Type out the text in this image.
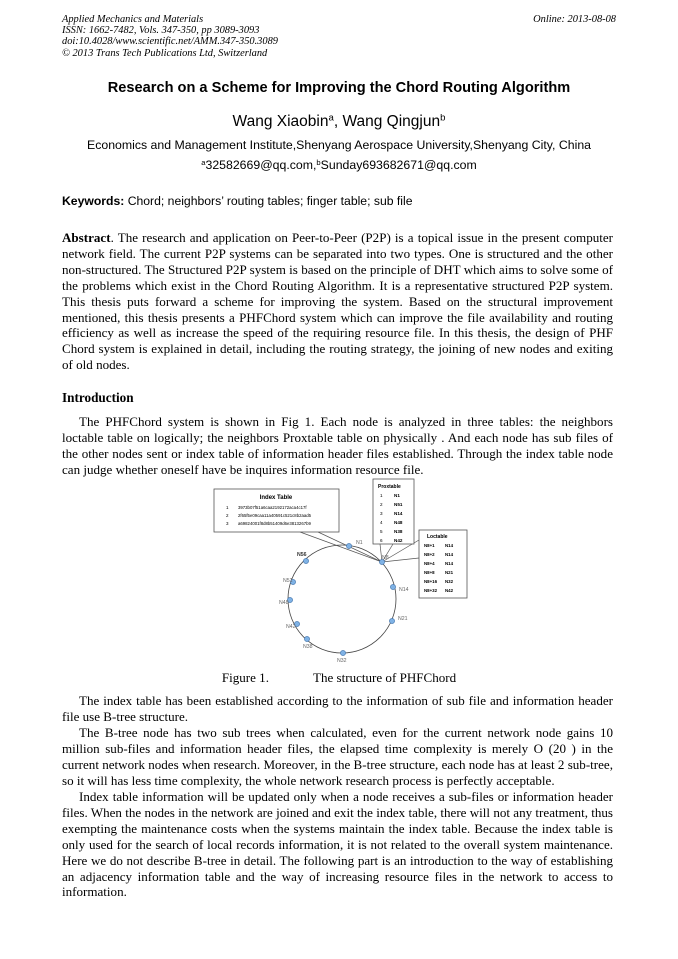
Applied Mechanics and Materials
ISSN: 1662-7482, Vols. 347-350, pp 3089-3093
doi:10.4028/www.scientific.net/AMM.347-350.3089
© 2013 Trans Tech Publications Ltd, Switzerland
Online: 2013-08-08
Research on a Scheme for Improving the Chord Routing Algorithm
Wang Xiaobin$^a$, Wang Qingjun$^b$
Economics and Management Institute,Shenyang Aerospace University,Shenyang City, China
$^a$32582669@qq.com,$^b$Sunday693682671@qq.com
Keywords: Chord; neighbors’ routing tables; finger table; sub file
Abstract. The research and application on Peer-to-Peer (P2P) is a topical issue in the present computer network field. The current P2P systems can be separated into two types. One is structured and the other non-structured. The Structured P2P system is based on the principle of DHT which aims to solve some of the problems which exist in the Chord Routing Algorithm. It is a representative structured P2P system. This thesis puts forward a scheme for improving the system. Based on the structural improvement mentioned, this thesis presents a PHFChord system which can improve the file availability and routing efficiency as well as increase the speed of the requiring resource file. In this thesis, the design of PHF Chord system is explained in detail, including the routing strategy, the joining of new nodes and exiting of old nodes.
Introduction
The PHFChord system is shown in Fig 1. Each node is analyzed in three tables: the neighbors loctable table on logically; the neighbors Proxtable table on physically . And each node has sub files of the other nodes sent or index table of information header files established. Through the index table node can judge whether oneself have be inquires information resource file.
Index Table
1 3973b07f51a6caa2192172aca4c17f
2 2f65f5e09caa11a40591c521c8b2aad5
3 a69824001f8d8b51409d6e3813267b9
Proxtable
1 N1
2 N51
3 N14
4 N48
5 N38
6 N42
Loctable
N8+1 N14
N8+2 N14
N8+4 N14
N8+8 N21
N8+16 N32
N8+32 N42
N1
N8
N14
N21
N32
N38
N42
N48
N51
N56
Figure 1.	The structure of PHFChord
The index table has been established according to the information of sub file and information header file use B-tree structure.
The B-tree node has two sub trees when calculated, even for the current network node gains 10 million sub-files and information header files, the elapsed time complexity is merely O (20 ) in the current network nodes when research. Moreover, in the B-tree structure, each node has at least 2 sub-tree, so it will has less time complexity, the whole network research process is perfectly acceptable.
Index table information will be updated only when a node receives a sub-files or information header files. When the nodes in the network are joined and exit the index table, there will not any treatment, thus exempting the maintenance costs when the systems maintain the index table. Because the index table is only used for the search of local records information, it is not related to the overall system maintenance. Here we do not describe B-tree in detail. The following part is an introduction to the way of establishing an adjacency information table and the way of increasing resource files in the network to access to information.
